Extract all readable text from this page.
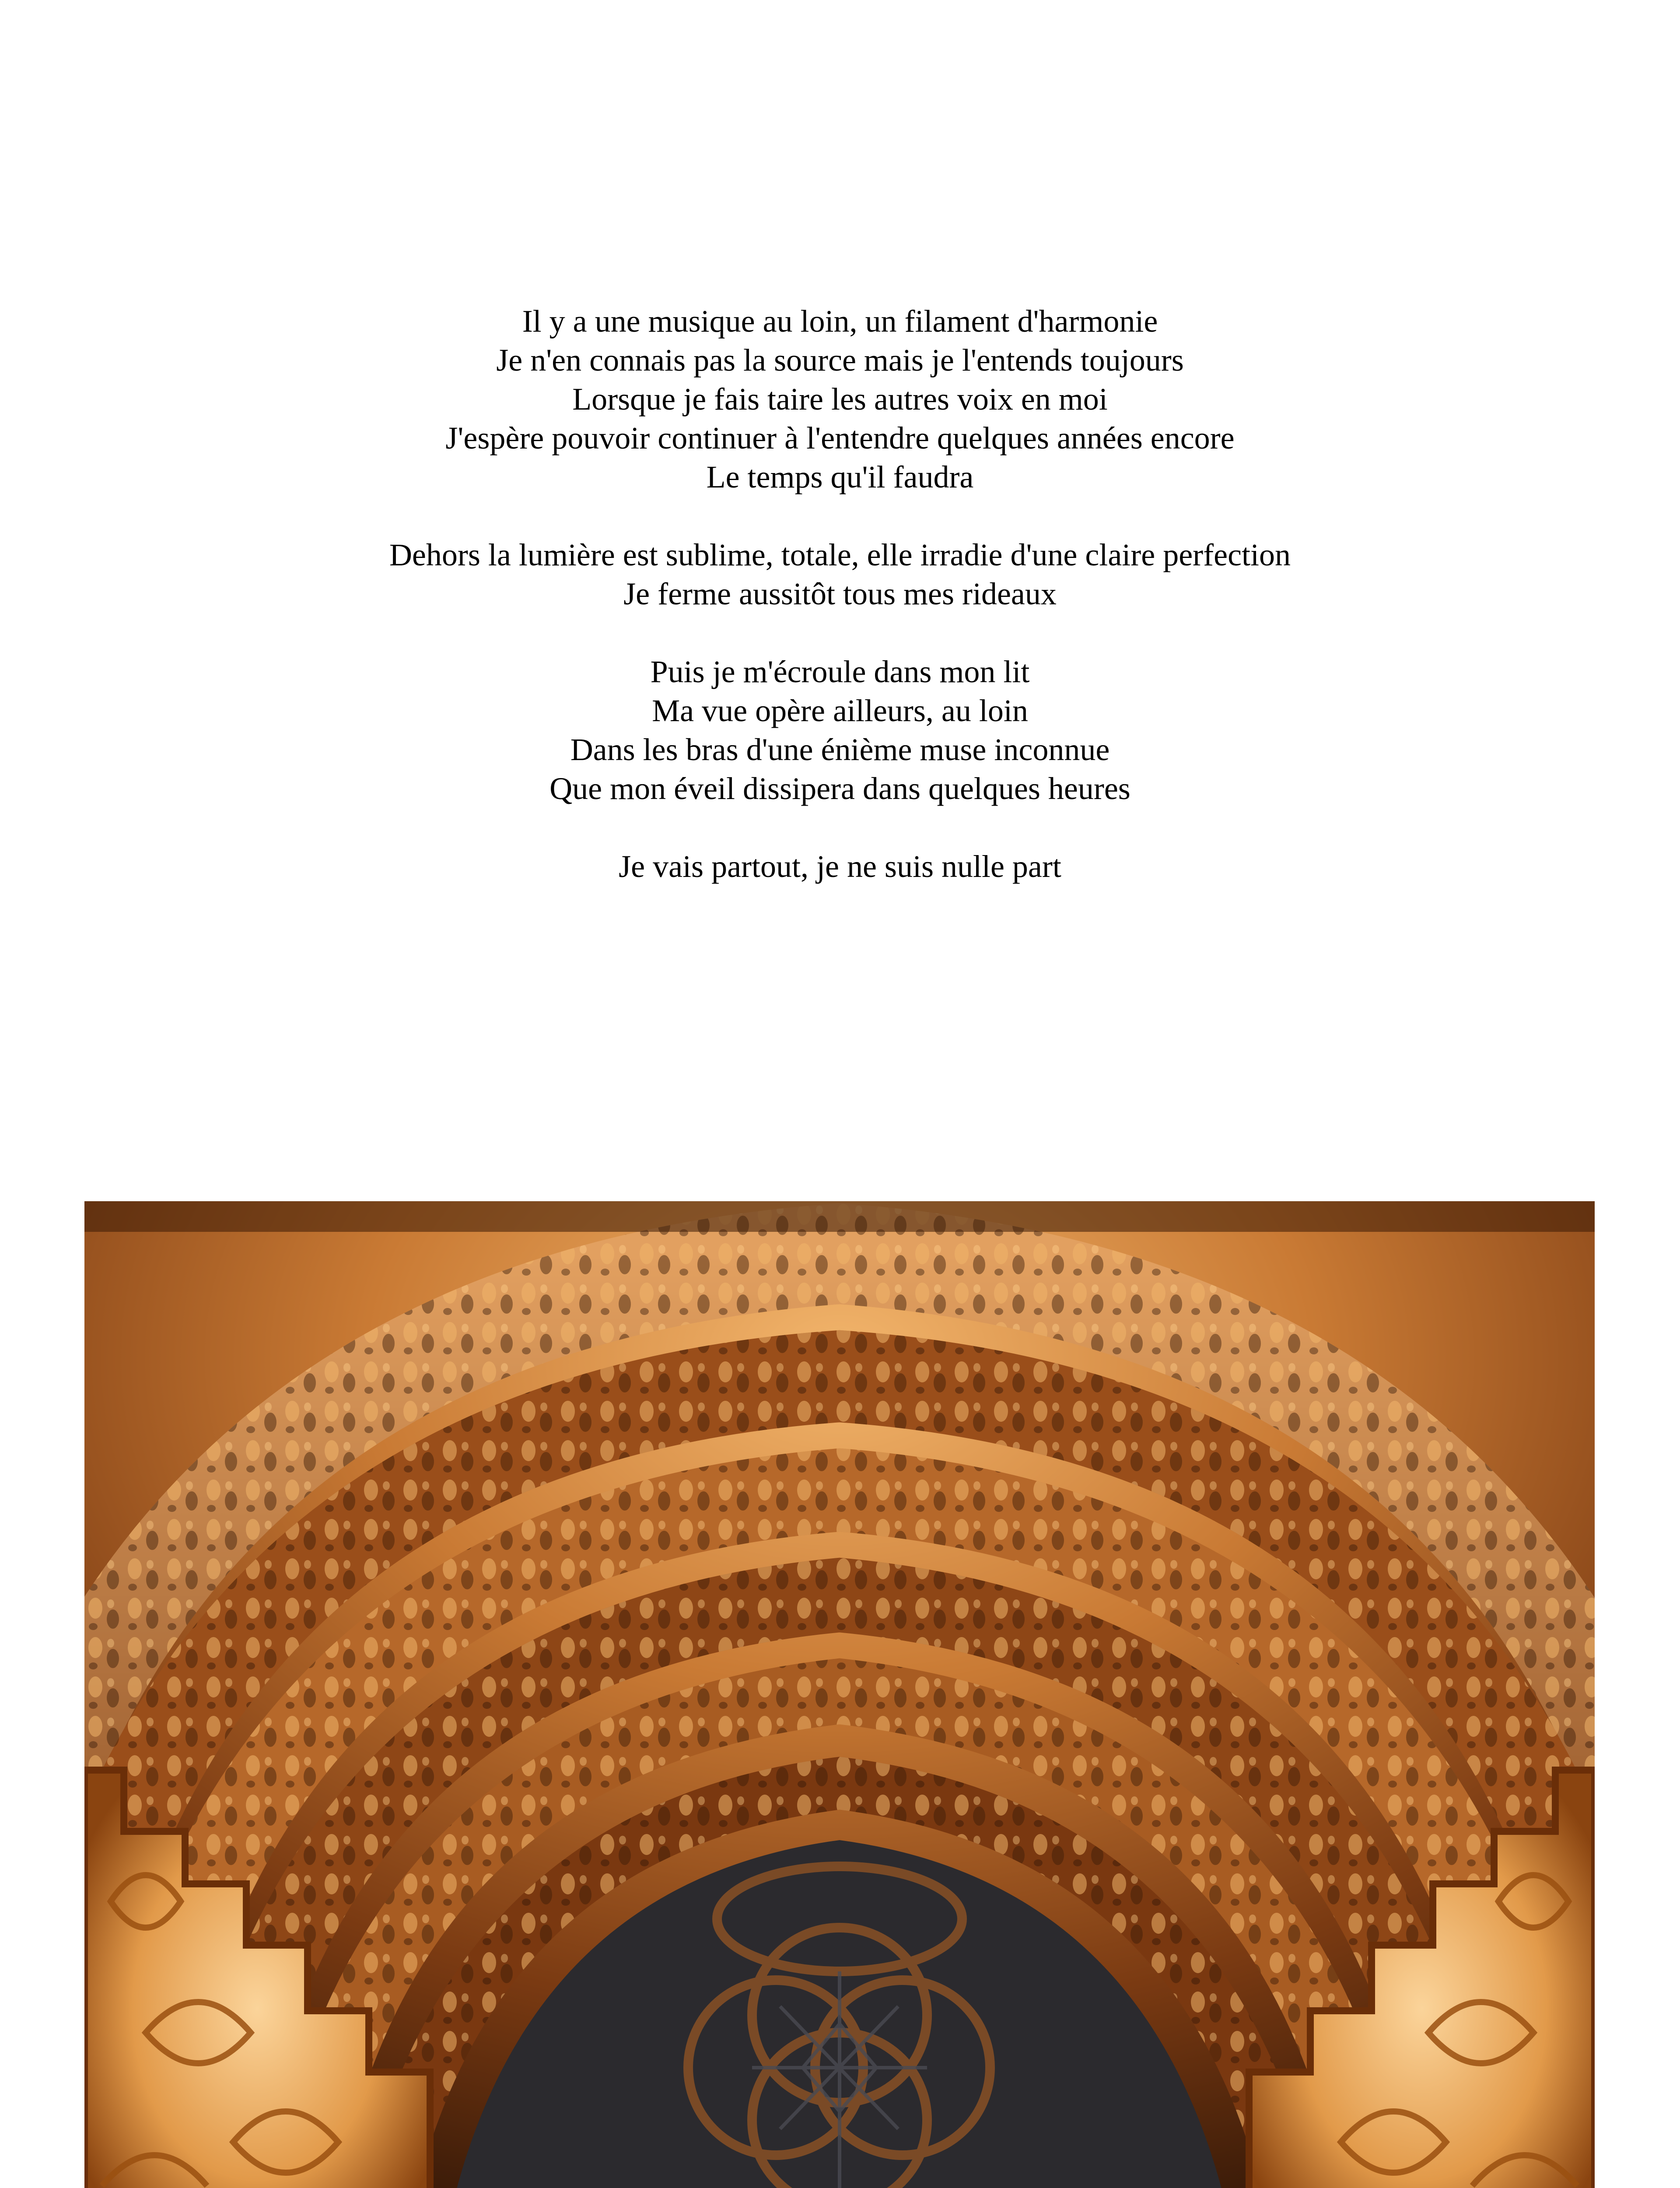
Il y a une musique au loin, un filament d'harmonie
Je n'en connais pas la source mais je l'entends toujours
Lorsque je fais taire les autres voix en moi
J'espère pouvoir continuer à l'entendre quelques années encore
Le temps qu'il faudra
Dehors la lumière est sublime, totale, elle irradie d'une claire perfection
Je ferme aussitôt tous mes rideaux
Puis je m'écroule dans mon lit
Ma vue opère ailleurs, au loin
Dans les bras d'une énième muse inconnue
Que mon éveil dissipera dans quelques heures
Je vais partout, je ne suis nulle part
